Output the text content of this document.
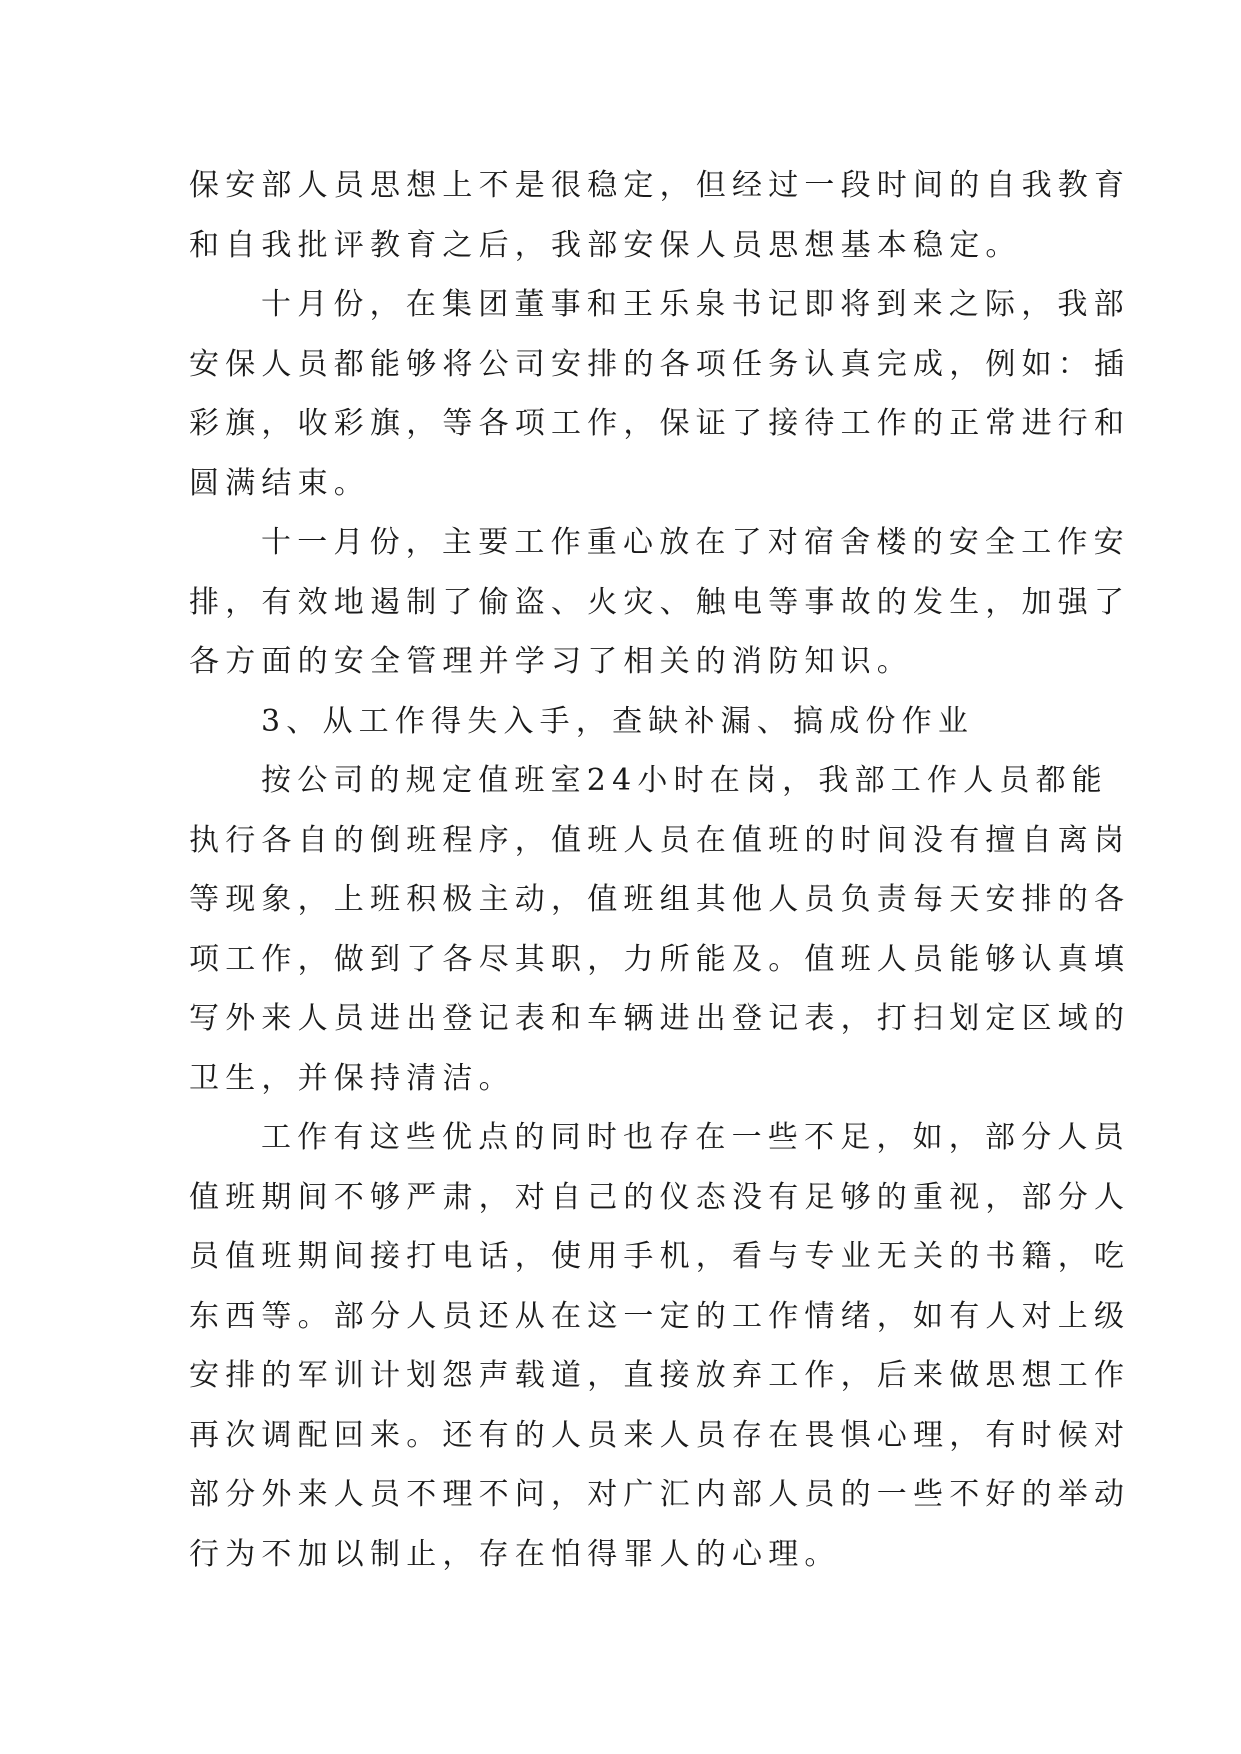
保安部人员思想上不是很稳定，但经过一段时间的自我教育
和自我批评教育之后，我部安保人员思想基本稳定。
十月份，在集团董事和王乐泉书记即将到来之际，我部
安保人员都能够将公司安排的各项任务认真完成，例如：插
彩旗，收彩旗，等各项工作，保证了接待工作的正常进行和
圆满结束。
十一月份，主要工作重心放在了对宿舍楼的安全工作安
排，有效地遏制了偷盗、火灾、触电等事故的发生，加强了
各方面的安全管理并学习了相关的消防知识。
3、从工作得失入手，查缺补漏、搞成份作业
按公司的规定值班室24小时在岗，我部工作人员都能
执行各自的倒班程序，值班人员在值班的时间没有擅自离岗
等现象，上班积极主动，值班组其他人员负责每天安排的各
项工作，做到了各尽其职，力所能及。值班人员能够认真填
写外来人员进出登记表和车辆进出登记表，打扫划定区域的
卫生，并保持清洁。
工作有这些优点的同时也存在一些不足，如，部分人员
值班期间不够严肃，对自己的仪态没有足够的重视，部分人
员值班期间接打电话，使用手机，看与专业无关的书籍，吃
东西等。部分人员还从在这一定的工作情绪，如有人对上级
安排的军训计划怨声载道，直接放弃工作，后来做思想工作
再次调配回来。还有的人员来人员存在畏惧心理，有时候对
部分外来人员不理不问，对广汇内部人员的一些不好的举动
行为不加以制止，存在怕得罪人的心理。
